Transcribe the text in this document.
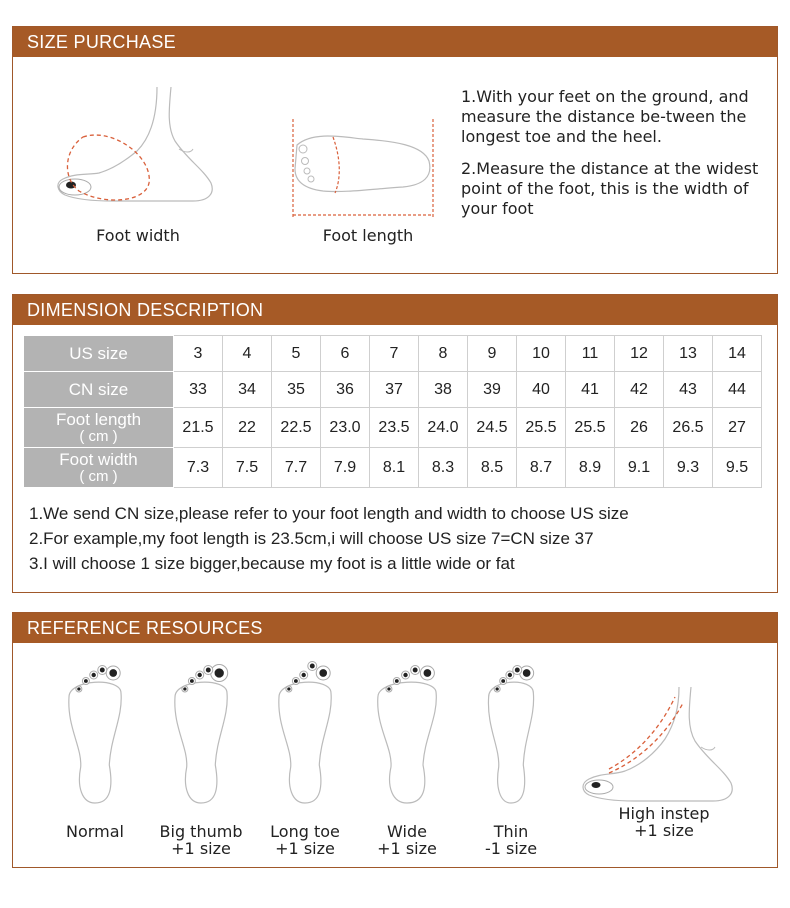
SIZE PURCHASE
Foot width	Foot length

1.With your feet on the ground, and measure the distance be-tween the longest toe and the heel.

2.Measure the distance at the widest point of the foot, this is the width of your foot

DIMENSION DESCRIPTION
US size	3	4	5	6	7	8	9	10	11	12	13	14
CN size	33	34	35	36	37	38	39	40	41	42	43	44
Foot length
( cm )	21.5	22	22.5	23.0	23.5	24.0	24.5	25.5	25.5	26	26.5	27
Foot width
( cm )	7.3	7.5	7.7	7.9	8.1	8.3	8.5	8.7	8.9	9.1	9.3	9.5
1.We send CN size,please refer to your foot length and width to choose US size
2.For example,my foot length is 23.5cm,i will choose US size 7=CN size 37
3.I will choose 1 size bigger,because my foot is a little wide or fat
REFERENCE RESOURCES
Normal	Big thumb
+1 size
Long toe
+1 size
Wide
+1 size
Thin
-1 size
High instep
+1 size
